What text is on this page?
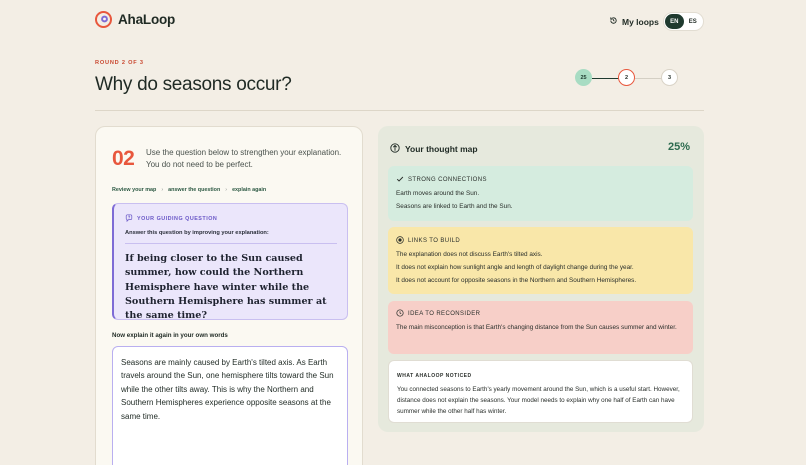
AhaLoop	My loops	EN	ES
ROUND 2 OF 3
Why do seasons occur?	25	2	3
02 Use the question below to strengthen your explanation. You do not need to be perfect.
Review your map › answer the question › explain again
YOUR GUIDING QUESTION
Answer this question by improving your explanation:
If being closer to the Sun caused summer, how could the Northern Hemisphere have winter while the Southern Hemisphere has summer at the same time?
Now explain it again in your own words
Seasons are mainly caused by Earth's tilted axis. As Earth travels around the Sun, one hemisphere tilts toward the Sun while the other tilts away. This is why the Northern and Southern Hemispheres experience opposite seasons at the same time.
Your thought map	25%
STRONG CONNECTIONS
Earth moves around the Sun.
Seasons are linked to Earth and the Sun.
LINKS TO BUILD
The explanation does not discuss Earth's tilted axis.
It does not explain how sunlight angle and length of daylight change during the year.
It does not account for opposite seasons in the Northern and Southern Hemispheres.
IDEA TO RECONSIDER
The main misconception is that Earth's changing distance from the Sun causes summer and winter.
WHAT AHALOOP NOTICED
You connected seasons to Earth's yearly movement around the Sun, which is a useful start. However, distance does not explain the seasons. Your model needs to explain why one half of Earth can have summer while the other half has winter.
